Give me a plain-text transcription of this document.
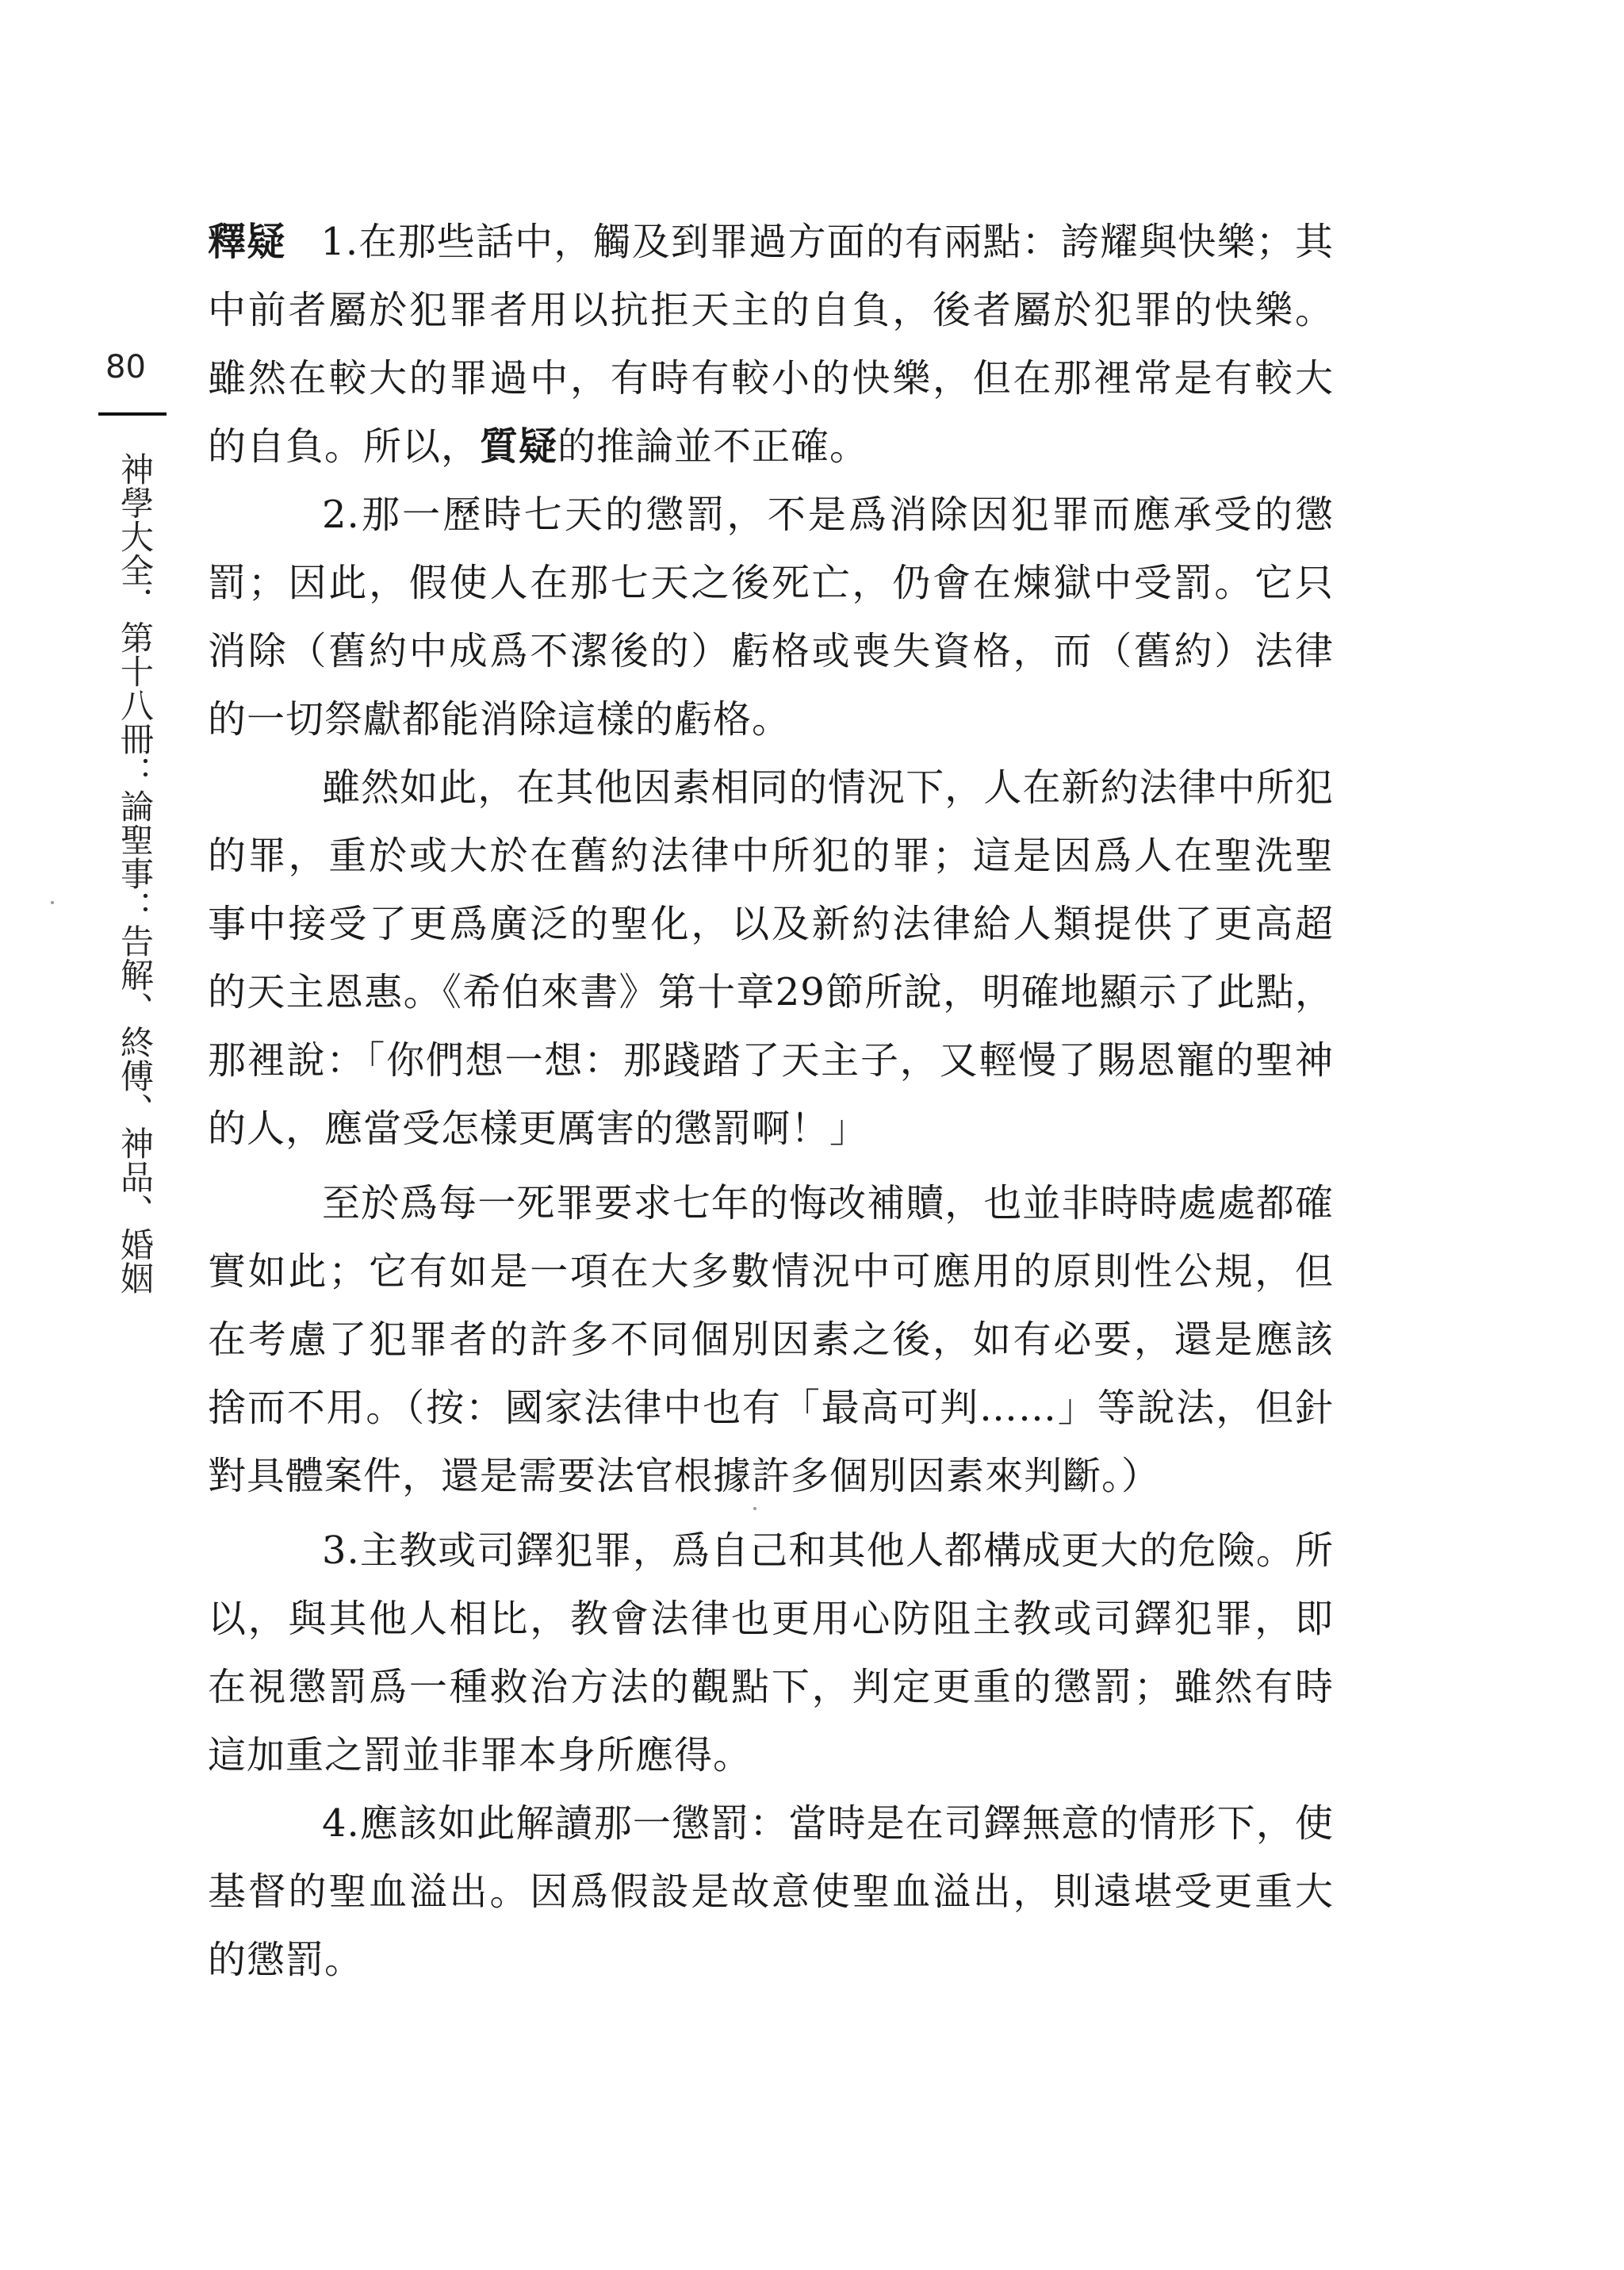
80
神學大全．第十八冊：論聖事：告解、終傅、神品、婚姻

釋疑 1.在那些話中，觸及到罪過方面的有兩點：誇耀與快樂；其中前者屬於犯罪者用以抗拒天主的自負，後者屬於犯罪的快樂。雖然在較大的罪過中，有時有較小的快樂，但在那裡常是有較大的自負。所以，質疑的推論並不正確。

2.那一歷時七天的懲罰，不是爲消除因犯罪而應承受的懲罰；因此，假使人在那七天之後死亡，仍會在煉獄中受罰。它只消除（舊約中成爲不潔後的）虧格或喪失資格，而（舊約）法律的一切祭獻都能消除這樣的虧格。

雖然如此，在其他因素相同的情況下，人在新約法律中所犯的罪，重於或大於在舊約法律中所犯的罪；這是因爲人在聖洗聖事中接受了更爲廣泛的聖化，以及新約法律給人類提供了更高超的天主恩惠。《希伯來書》第十章29節所說，明確地顯示了此點，那裡說：「你們想一想：那踐踏了天主子，又輕慢了賜恩寵的聖神的人，應當受怎樣更厲害的懲罰啊！」

至於爲每一死罪要求七年的悔改補贖，也並非時時處處都確實如此；它有如是一項在大多數情況中可應用的原則性公規，但在考慮了犯罪者的許多不同個別因素之後，如有必要，還是應該捨而不用。（按：國家法律中也有「最高可判……」等說法，但針對具體案件，還是需要法官根據許多個別因素來判斷。）

3.主教或司鐸犯罪，爲自己和其他人都構成更大的危險。所以，與其他人相比，教會法律也更用心防阻主教或司鐸犯罪，即在視懲罰爲一種救治方法的觀點下，判定更重的懲罰；雖然有時這加重之罰並非罪本身所應得。

4.應該如此解讀那一懲罰：當時是在司鐸無意的情形下，使基督的聖血溢出。因爲假設是故意使聖血溢出，則遠堪受更重大的懲罰。
